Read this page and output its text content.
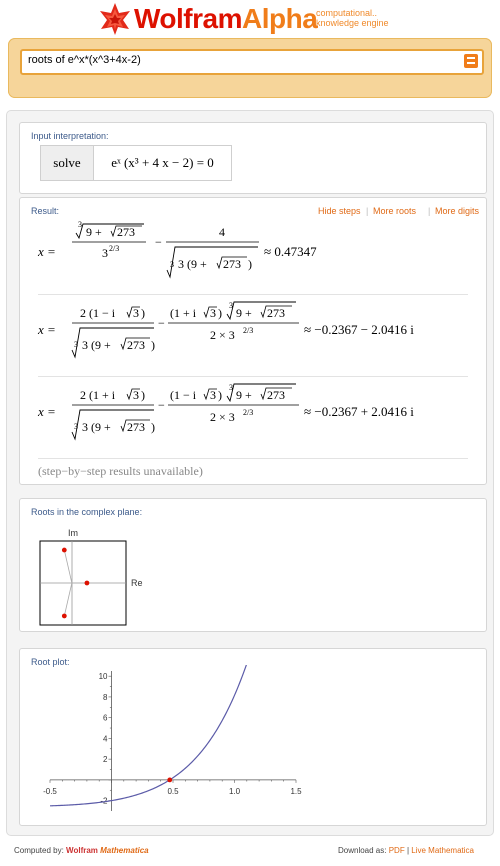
WolframAlpha
computational..
knowledge engine
roots of e^x*(x^3+4x-2)
Input interpretation:
solve	eˣ (x³ + 4 x − 2) = 0
Result:	Hide steps | More roots | More digits
x =
3
9 + 273
3 2/3	−
4
3 3 (9 + 273 )
≈ 0.47347
x =
2 (1 − i 3 )
3 3 (9 + 273 )
−
(1 + i 3 )
3
9 + 273
2 × 3 2/3	≈ −0.2367 − 2.0416 i
x =
2 (1 + i 3 )
3 3 (9 + 273 )
−
(1 − i 3 )
3
9 + 273
2 × 3 2/3	≈ −0.2367 + 2.0416 i
(step−by−step results unavailable)
Roots in the complex plane:
Im
Re
Root plot:
-0.5	0.5	1.0	1.5
-2
2
4
6
8
10
Computed by: Wolfram Mathematica	Download as: PDF | Live Mathematica
